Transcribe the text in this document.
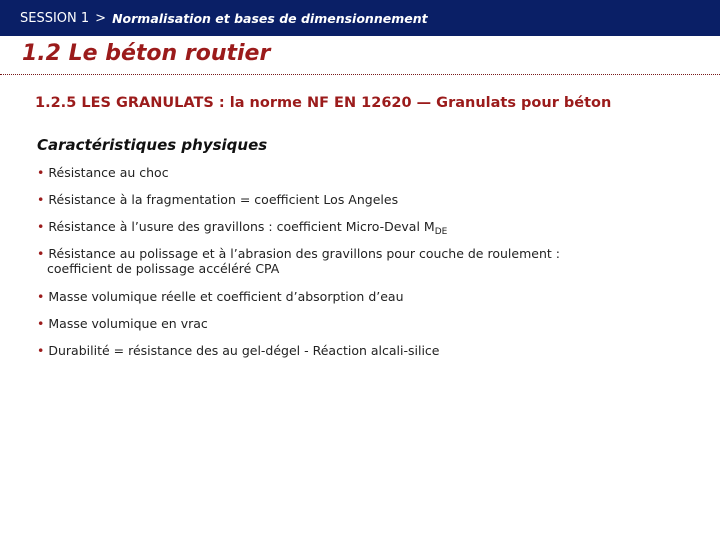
SESSION 1 > Normalisation et bases de dimensionnement
1.2 Le béton routier
1.2.5 LES GRANULATS : la norme NF EN 12620 — Granulats pour béton
Caractéristiques physiques
• Résistance au choc
• Résistance à la fragmentation = coefficient Los Angeles
• Résistance à l’usure des gravillons : coefficient Micro-Deval $M_{DE}$
• Résistance au polissage et à l’abrasion des gravillons pour couche de roulement :
coefficient de polissage accéléré CPA
• Masse volumique réelle et coefficient d’absorption d’eau
• Masse volumique en vrac
• Durabilité = résistance des au gel-dégel - Réaction alcali-silice
